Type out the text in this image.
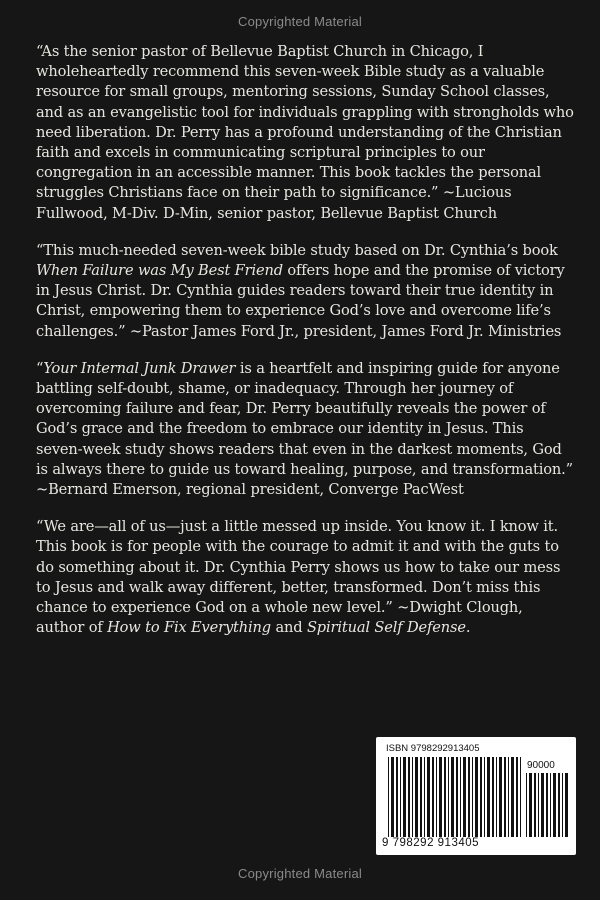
Copyrighted Material

“As the senior pastor of Bellevue Baptist Church in Chicago, I wholeheartedly recommend this seven-week Bible study as a valuable resource for small groups, mentoring sessions, Sunday School classes, and as an evangelistic tool for individuals grappling with strongholds who need liberation. Dr. Perry has a profound understanding of the Christian faith and excels in communicating scriptural principles to our congregation in an accessible manner. This book tackles the personal struggles Christians face on their path to significance.” ~Lucious Fullwood, M-Div. D-Min, senior pastor, Bellevue Baptist Church

“This much-needed seven-week bible study based on Dr. Cynthia’s book When Failure was My Best Friend offers hope and the promise of victory in Jesus Christ. Dr. Cynthia guides readers toward their true identity in Christ, empowering them to experience God’s love and overcome life’s challenges.” ~Pastor James Ford Jr., president, James Ford Jr. Ministries

“Your Internal Junk Drawer is a heartfelt and inspiring guide for anyone battling self-doubt, shame, or inadequacy. Through her journey of overcoming failure and fear, Dr. Perry beautifully reveals the power of God’s grace and the freedom to embrace our identity in Jesus. This seven-week study shows readers that even in the darkest moments, God is always there to guide us toward healing, purpose, and transformation.” ~Bernard Emerson, regional president, Converge PacWest

“We are—all of us—just a little messed up inside. You know it. I know it. This book is for people with the courage to admit it and with the guts to do something about it. Dr. Cynthia Perry shows us how to take our mess to Jesus and walk away different, better, transformed. Don’t miss this chance to experience God on a whole new level.” ~Dwight Clough, author of How to Fix Everything and Spiritual Self Defense.

ISBN 9798292913405
90000
9 798292 913405
Copyrighted Material
